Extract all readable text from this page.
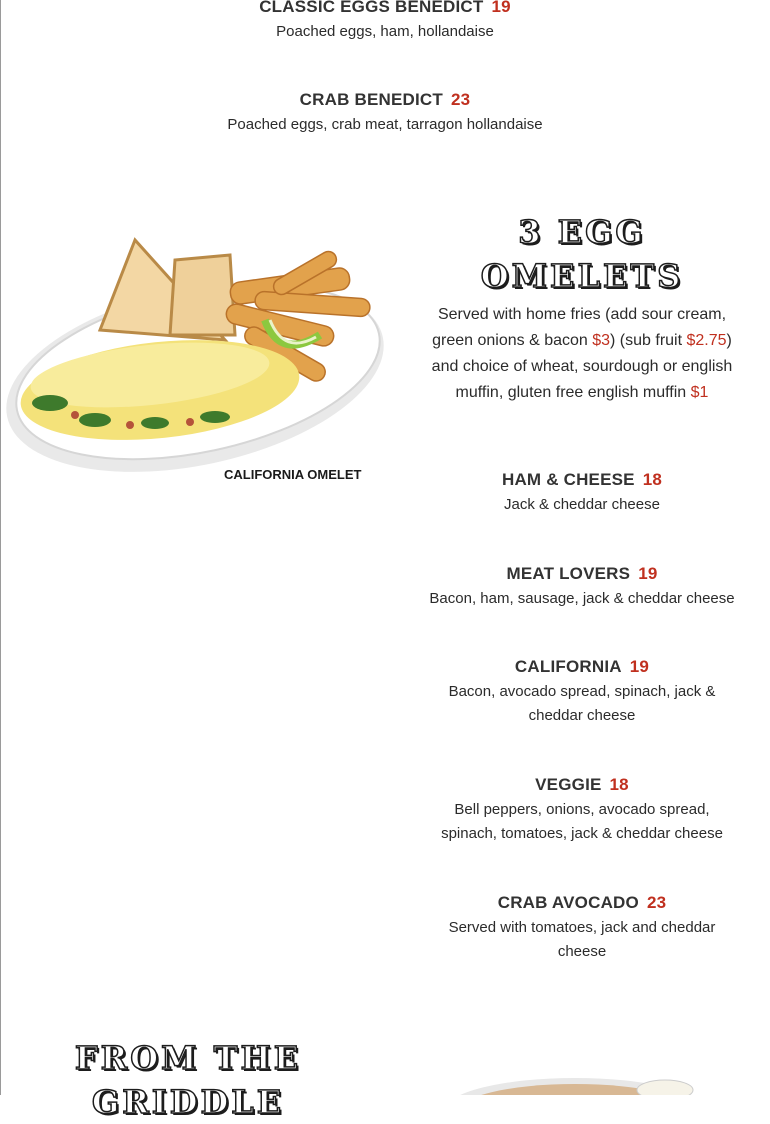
CLASSIC EGGS BENEDICT 19
Poached eggs, ham, hollandaise
CRAB BENEDICT 23
Poached eggs, crab meat, tarragon hollandaise
CALIFORNIA OMELET
3 EGG
OMELETS
Served with home fries (add sour cream, green onions & bacon $3) (sub fruit $2.75) and choice of wheat, sourdough or english muffin, gluten free english muffin $1
HAM & CHEESE 18
Jack & cheddar cheese
MEAT LOVERS 19
Bacon, ham, sausage, jack & cheddar cheese
CALIFORNIA 19
Bacon, avocado spread, spinach, jack & cheddar cheese
VEGGIE 18
Bell peppers, onions, avocado spread, spinach, tomatoes, jack & cheddar cheese
CRAB AVOCADO 23
Served with tomatoes, jack and cheddar cheese
FROM THE
GRIDDLE
